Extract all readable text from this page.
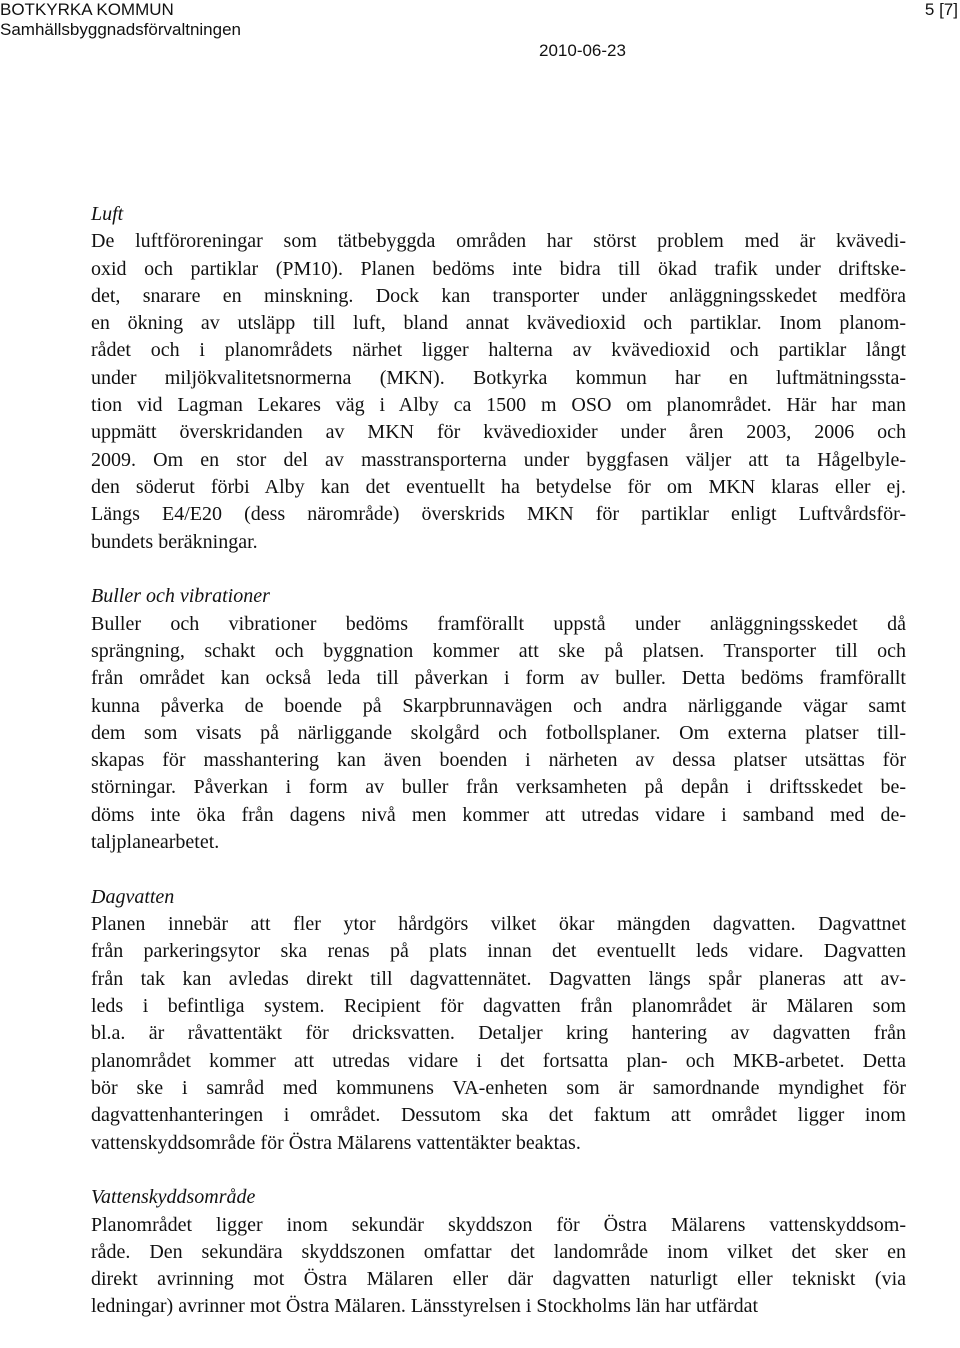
BOTKYRKA KOMMUN
Samhällsbyggnadsförvaltningen
5 [7]
2010-06-23
Luft
De luftföroreningar som tätbebyggda områden har störst problem med är kvävedi-
oxid och partiklar (PM10). Planen bedöms inte bidra till ökad trafik under driftske-
det, snarare en minskning. Dock kan transporter under anläggningsskedet medföra
en ökning av utsläpp till luft, bland annat kvävedioxid och partiklar. Inom planom-
rådet och i planområdets närhet ligger halterna av kvävedioxid och partiklar långt
under miljökvalitetsnormerna (MKN). Botkyrka kommun har en luftmätningssta-
tion vid Lagman Lekares väg i Alby ca 1500 m OSO om planområdet. Här har man
uppmätt överskridanden av MKN för kvävedioxider under åren 2003, 2006 och
2009. Om en stor del av masstransporterna under byggfasen väljer att ta Hågelbyle-
den söderut förbi Alby kan det eventuellt ha betydelse för om MKN klaras eller ej.
Längs E4/E20 (dess närområde) överskrids MKN för partiklar enligt Luftvårdsför-
bundets beräkningar.
Buller och vibrationer
Buller och vibrationer bedöms framförallt uppstå under anläggningsskedet då
sprängning, schakt och byggnation kommer att ske på platsen. Transporter till och
från området kan också leda till påverkan i form av buller. Detta bedöms framförallt
kunna påverka de boende på Skarpbrunnavägen och andra närliggande vägar samt
dem som visats på närliggande skolgård och fotbollsplaner. Om externa platser till-
skapas för masshantering kan även boenden i närheten av dessa platser utsättas för
störningar. Påverkan i form av buller från verksamheten på depån i driftsskedet be-
döms inte öka från dagens nivå men kommer att utredas vidare i samband med de-
taljplanearbetet.
Dagvatten
Planen innebär att fler ytor hårdgörs vilket ökar mängden dagvatten. Dagvattnet
från parkeringsytor ska renas på plats innan det eventuellt leds vidare. Dagvatten
från tak kan avledas direkt till dagvattennätet. Dagvatten längs spår planeras att av-
leds i befintliga system. Recipient för dagvatten från planområdet är Mälaren som
bl.a. är råvattentäkt för dricksvatten. Detaljer kring hantering av dagvatten från
planområdet kommer att utredas vidare i det fortsatta plan- och MKB-arbetet. Detta
bör ske i samråd med kommunens VA-enheten som är samordnande myndighet för
dagvattenhanteringen i området. Dessutom ska det faktum att området ligger inom
vattenskyddsområde för Östra Mälarens vattentäkter beaktas.
Vattenskyddsområde
Planområdet ligger inom sekundär skyddszon för Östra Mälarens vattenskyddsom-
råde. Den sekundära skyddszonen omfattar det landområde inom vilket det sker en
direkt avrinning mot Östra Mälaren eller där dagvatten naturligt eller tekniskt (via
ledningar) avrinner mot Östra Mälaren. Länsstyrelsen i Stockholms län har utfärdat
